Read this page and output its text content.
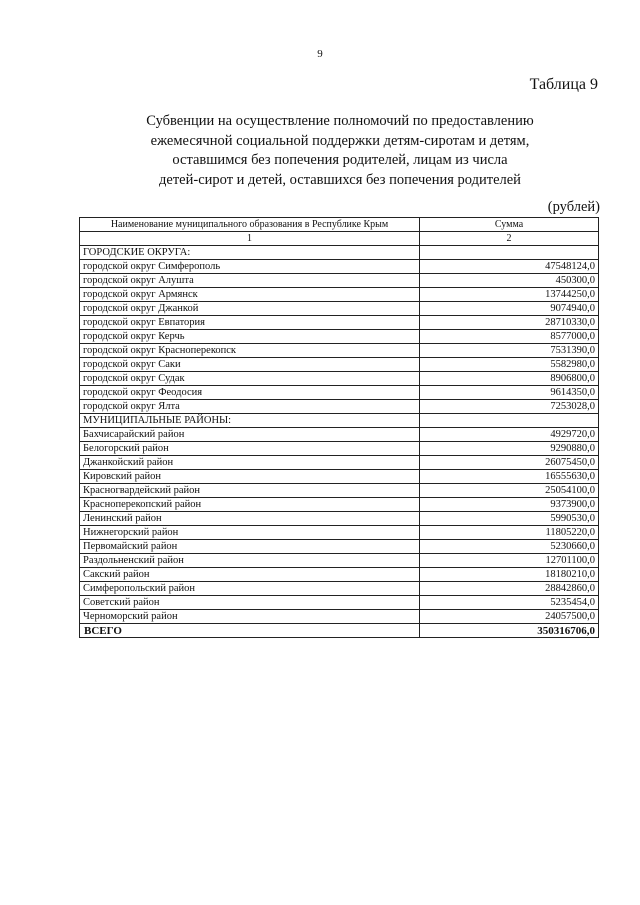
9
Таблица 9
Субвенции на осуществление полномочий по предоставлению
ежемесячной социальной поддержки детям-сиротам и детям,
оставшимся без попечения родителей, лицам из числа
детей-сирот и детей, оставшихся без попечения родителей
(рублей)
Наименование муниципального образования в Республике Крым	Сумма
1	2
ГОРОДСКИЕ ОКРУГА:	
городской округ Симферополь	47548124,0
городской округ Алушта	450300,0
городской округ Армянск	13744250,0
городской округ Джанкой	9074940,0
городской округ Евпатория	28710330,0
городской округ Керчь	8577000,0
городской округ Красноперекопск	7531390,0
городской округ Саки	5582980,0
городской округ Судак	8906800,0
городской округ Феодосия	9614350,0
городской округ Ялта	7253028,0
МУНИЦИПАЛЬНЫЕ РАЙОНЫ:	
Бахчисарайский район	4929720,0
Белогорский район	9290880,0
Джанкойский район	26075450,0
Кировский район	16555630,0
Красногвардейский район	25054100,0
Красноперекопский район	9373900,0
Ленинский район	5990530,0
Нижнегорский район	11805220,0
Первомайский район	5230660,0
Раздольненский район	12701100,0
Сакский район	18180210,0
Симферопольский район	28842860,0
Советский район	5235454,0
Черноморский район	24057500,0
ВСЕГО	350316706,0
